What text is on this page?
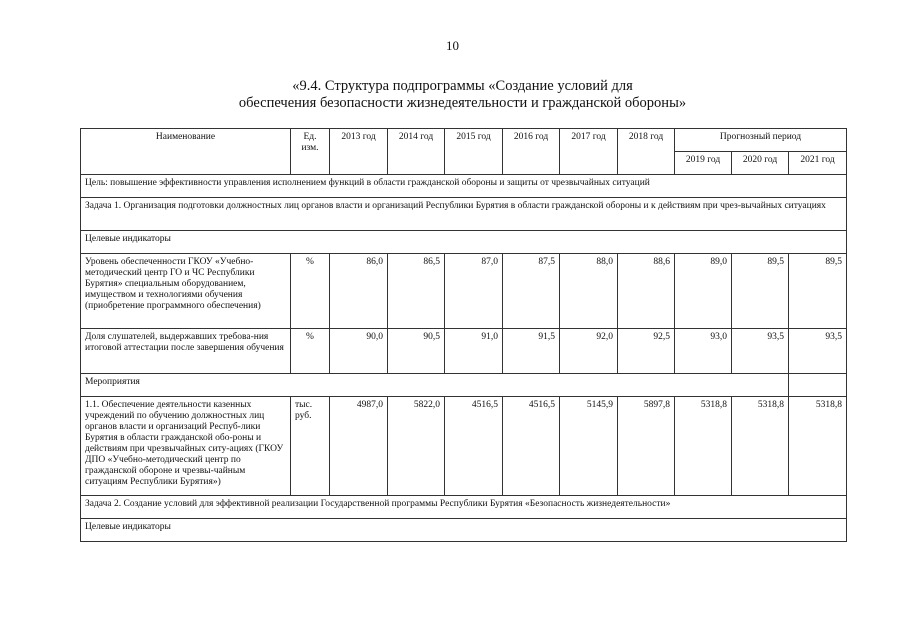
10
«9.4. Структура подпрограммы «Создание условий для
обеспечения безопасности жизнедеятельности и гражданской обороны»
Наименование	Ед. изм.	2013 год	2014 год	2015 год	2016 год	2017 год	2018 год	Прогнозный период		
								2019 год	2020 год	2021 год
Цель: повышение эффективности управления исполнением функций в области гражданской обороны и защиты от чрезвычайных ситуаций										
Задача 1. Организация подготовки должностных лиц органов власти и организаций Республики Бурятия в области гражданской обороны и к действиям при чрез-вычайных ситуациях										
Целевые индикаторы										
Уровень обеспеченности ГКОУ «Учебно-методический центр ГО и ЧС Республики Бурятия» специальным оборудованием, имуществом и технологиями обучения (приобретение программного обеспечения)	%	86,0	86,5	87,0	87,5	88,0	88,6	89,0	89,5	89,5
Доля слушателей, выдержавших требова-ния итоговой аттестации после завершения обучения	%	90,0	90,5	91,0	91,5	92,0	92,5	93,0	93,5	93,5
Мероприятия										
1.1. Обеспечение деятельности казенных учреждений по обучению должностных лиц органов власти и организаций Респуб-лики Бурятия в области гражданской обо-роны и действиям при чрезвычайных ситу-ациях (ГКОУ ДПО «Учебно-методический центр по гражданской обороне и чрезвы-чайным ситуациям Республики Бурятия»)	тыс. руб.	4987,0	5822,0	4516,5	4516,5	5145,9	5897,8	5318,8	5318,8	5318,8
Задача 2. Создание условий для эффективной реализации Государственной программы Республики Бурятия «Безопасность жизнедеятельности»										
Целевые индикаторы										
